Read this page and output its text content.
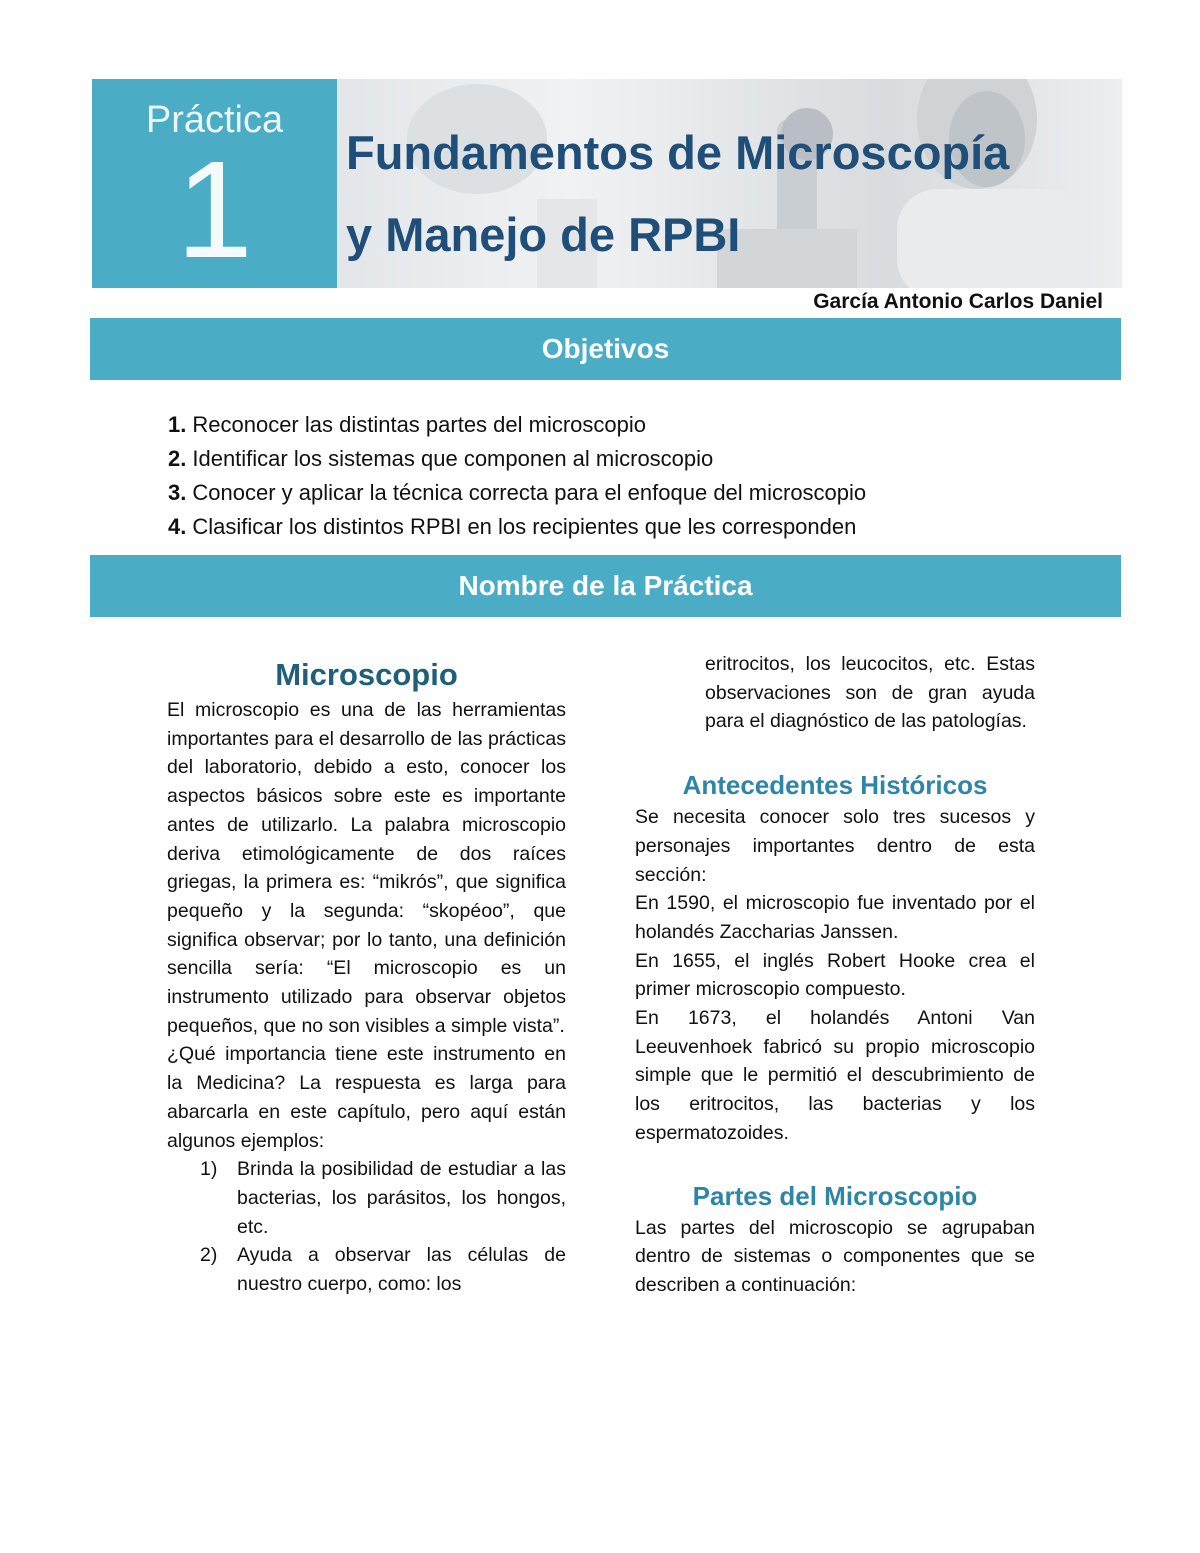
Práctica
1	Fundamentos de Microscopía
y Manejo de RPBI
García Antonio Carlos Daniel
Objetivos
1. Reconocer las distintas partes del microscopio
2. Identificar los sistemas que componen al microscopio
3. Conocer y aplicar la técnica correcta para el enfoque del microscopio
4. Clasificar los distintos RPBI en los recipientes que les corresponden
Nombre de la Práctica
Microscopio

El microscopio es una de las herramientas importantes para el desarrollo de las prácticas del laboratorio, debido a esto, conocer los aspectos básicos sobre este es importante antes de utilizarlo. La palabra microscopio deriva etimológicamente de dos raíces griegas, la primera es: “mikrós”, que significa pequeño y la segunda: “skopéoo”, que significa observar; por lo tanto, una definición sencilla sería: “El microscopio es un instrumento utilizado para observar objetos pequeños, que no son visibles a simple vista”.

¿Qué importancia tiene este instrumento en la Medicina? La respuesta es larga para abarcarla en este capítulo, pero aquí están algunos ejemplos:

1) Brinda la posibilidad de estudiar a las bacterias, los parásitos, los hongos, etc.
2) Ayuda a observar las células de nuestro cuerpo, como: los

eritrocitos, los leucocitos, etc. Estas observaciones son de gran ayuda para el diagnóstico de las patologías.

Antecedentes Históricos

Se necesita conocer solo tres sucesos y personajes importantes dentro de esta sección:

En 1590, el microscopio fue inventado por el holandés Zaccharias Janssen.

En 1655, el inglés Robert Hooke crea el primer microscopio compuesto.

En 1673, el holandés Antoni Van Leeuvenhoek fabricó su propio microscopio simple que le permitió el descubrimiento de los eritrocitos, las bacterias y los espermatozoides.

Partes del Microscopio

Las partes del microscopio se agrupaban dentro de sistemas o componentes que se describen a continuación:
